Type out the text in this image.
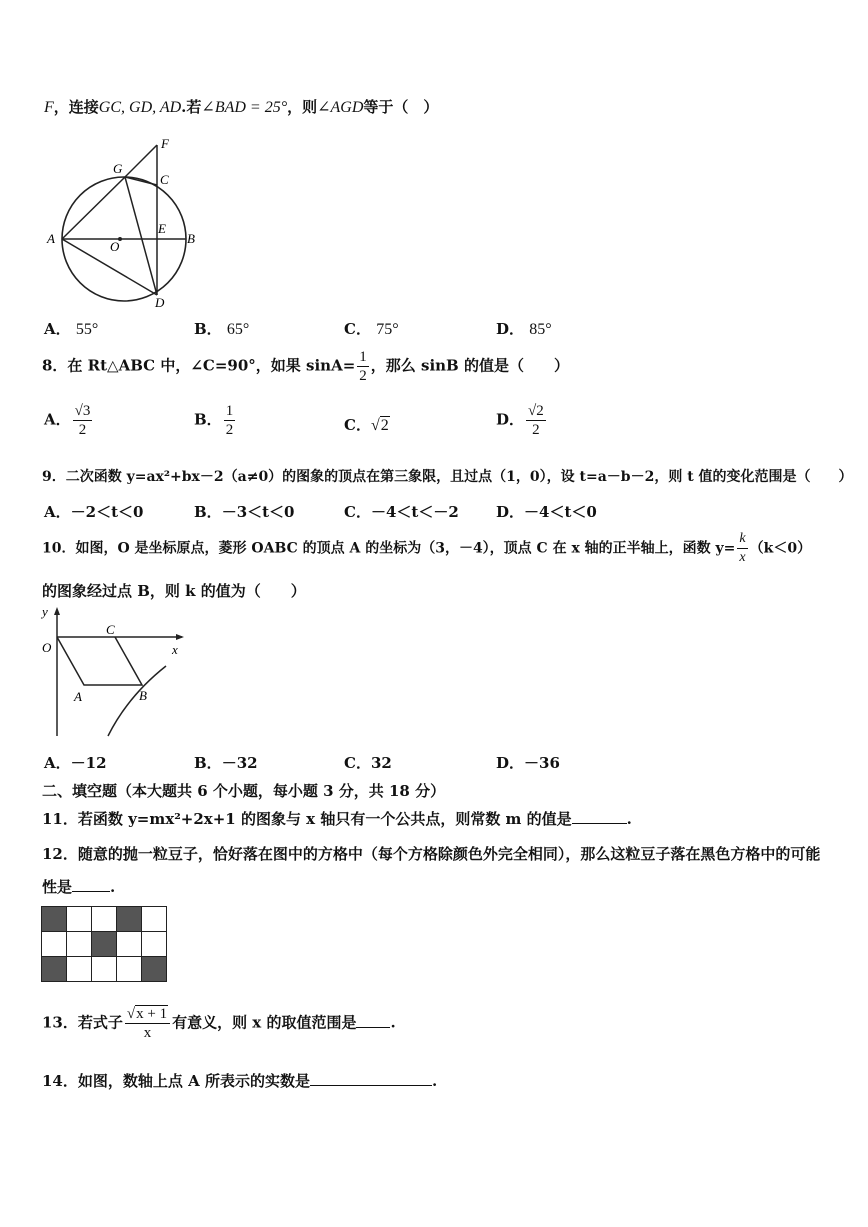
F，连接GC, GD, AD.若∠BAD = 25°，则∠AGD等于（　）
F
G
C
A
O
E
B
D
A． 55°	B． 65°	C． 75°	D． 85°
8．在 Rt△ABC 中，∠C=90°，如果 $\sin A= \frac{1}{2}$ ，那么 sinB 的值是（　　）
A． $\frac{√3}{2}$	B． $\frac{1}{2}$	C．√2	D． $\frac{√2}{2}$
9．二次函数 y=ax²+bx－2（a≠0）的图象的顶点在第三象限，且过点（1，0），设 t=a－b－2，则 t 值的变化范围是（　　）
A．－2＜t＜0	B．－3＜t＜0	C．－4＜t＜－2 D．－4＜t＜0
10．如图，O 是坐标原点，菱形 OABC 的顶点 A 的坐标为（3，－4），顶点 C 在 x 轴的正半轴上，函数 $y= \frac{k}{x} (k<0)$
的图象经过点 B，则 k 的值为（　　）
y
O
C
x
A	B
A．－12	B．－32	C．32	D．－36
二、填空题（本大题共 6 个小题，每小题 3 分，共 18 分）
11．若函数 y=mx²+2x+1 的图象与 x 轴只有一个公共点，则常数 m 的值是	.
12．随意的抛一粒豆子，恰好落在图中的方格中（每个方格除颜色外完全相同），那么这粒豆子落在黑色方格中的可能
性是	.

13．若式子 $\frac{√x + 1}{x}$ 有意义，则 x 的取值范围是 .
14．如图，数轴上点 A 所表示的实数是	.
